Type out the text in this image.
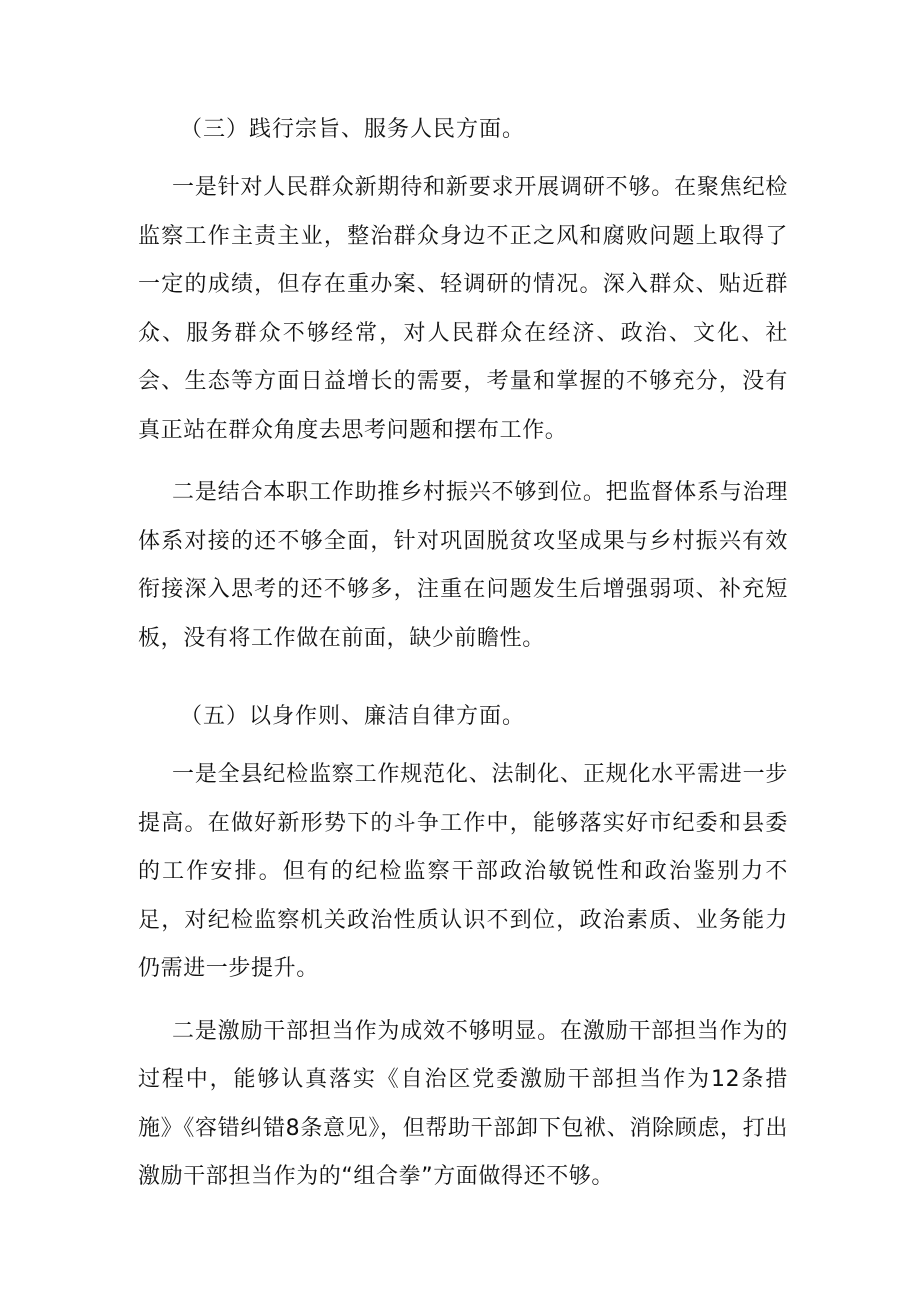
（三）践行宗旨、服务人民方面。

一是针对人民群众新期待和新要求开展调研不够。在聚焦纪检监察工作主责主业，整治群众身边不正之风和腐败问题上取得了一定的成绩，但存在重办案、轻调研的情况。深入群众、贴近群众、服务群众不够经常，对人民群众在经济、政治、文化、社会、生态等方面日益增长的需要，考量和掌握的不够充分，没有真正站在群众角度去思考问题和摆布工作。

二是结合本职工作助推乡村振兴不够到位。把监督体系与治理体系对接的还不够全面，针对巩固脱贫攻坚成果与乡村振兴有效衔接深入思考的还不够多，注重在问题发生后增强弱项、补充短板，没有将工作做在前面，缺少前瞻性。

（五）以身作则、廉洁自律方面。

一是全县纪检监察工作规范化、法制化、正规化水平需进一步提高。在做好新形势下的斗争工作中，能够落实好市纪委和县委的工作安排。但有的纪检监察干部政治敏锐性和政治鉴别力不足，对纪检监察机关政治性质认识不到位，政治素质、业务能力仍需进一步提升。

二是激励干部担当作为成效不够明显。在激励干部担当作为的过程中，能够认真落实《自治区党委激励干部担当作为12条措施》《容错纠错8条意见》，但帮助干部卸下包袱、消除顾虑，打出激励干部担当作为的“组合拳”方面做得还不够。
